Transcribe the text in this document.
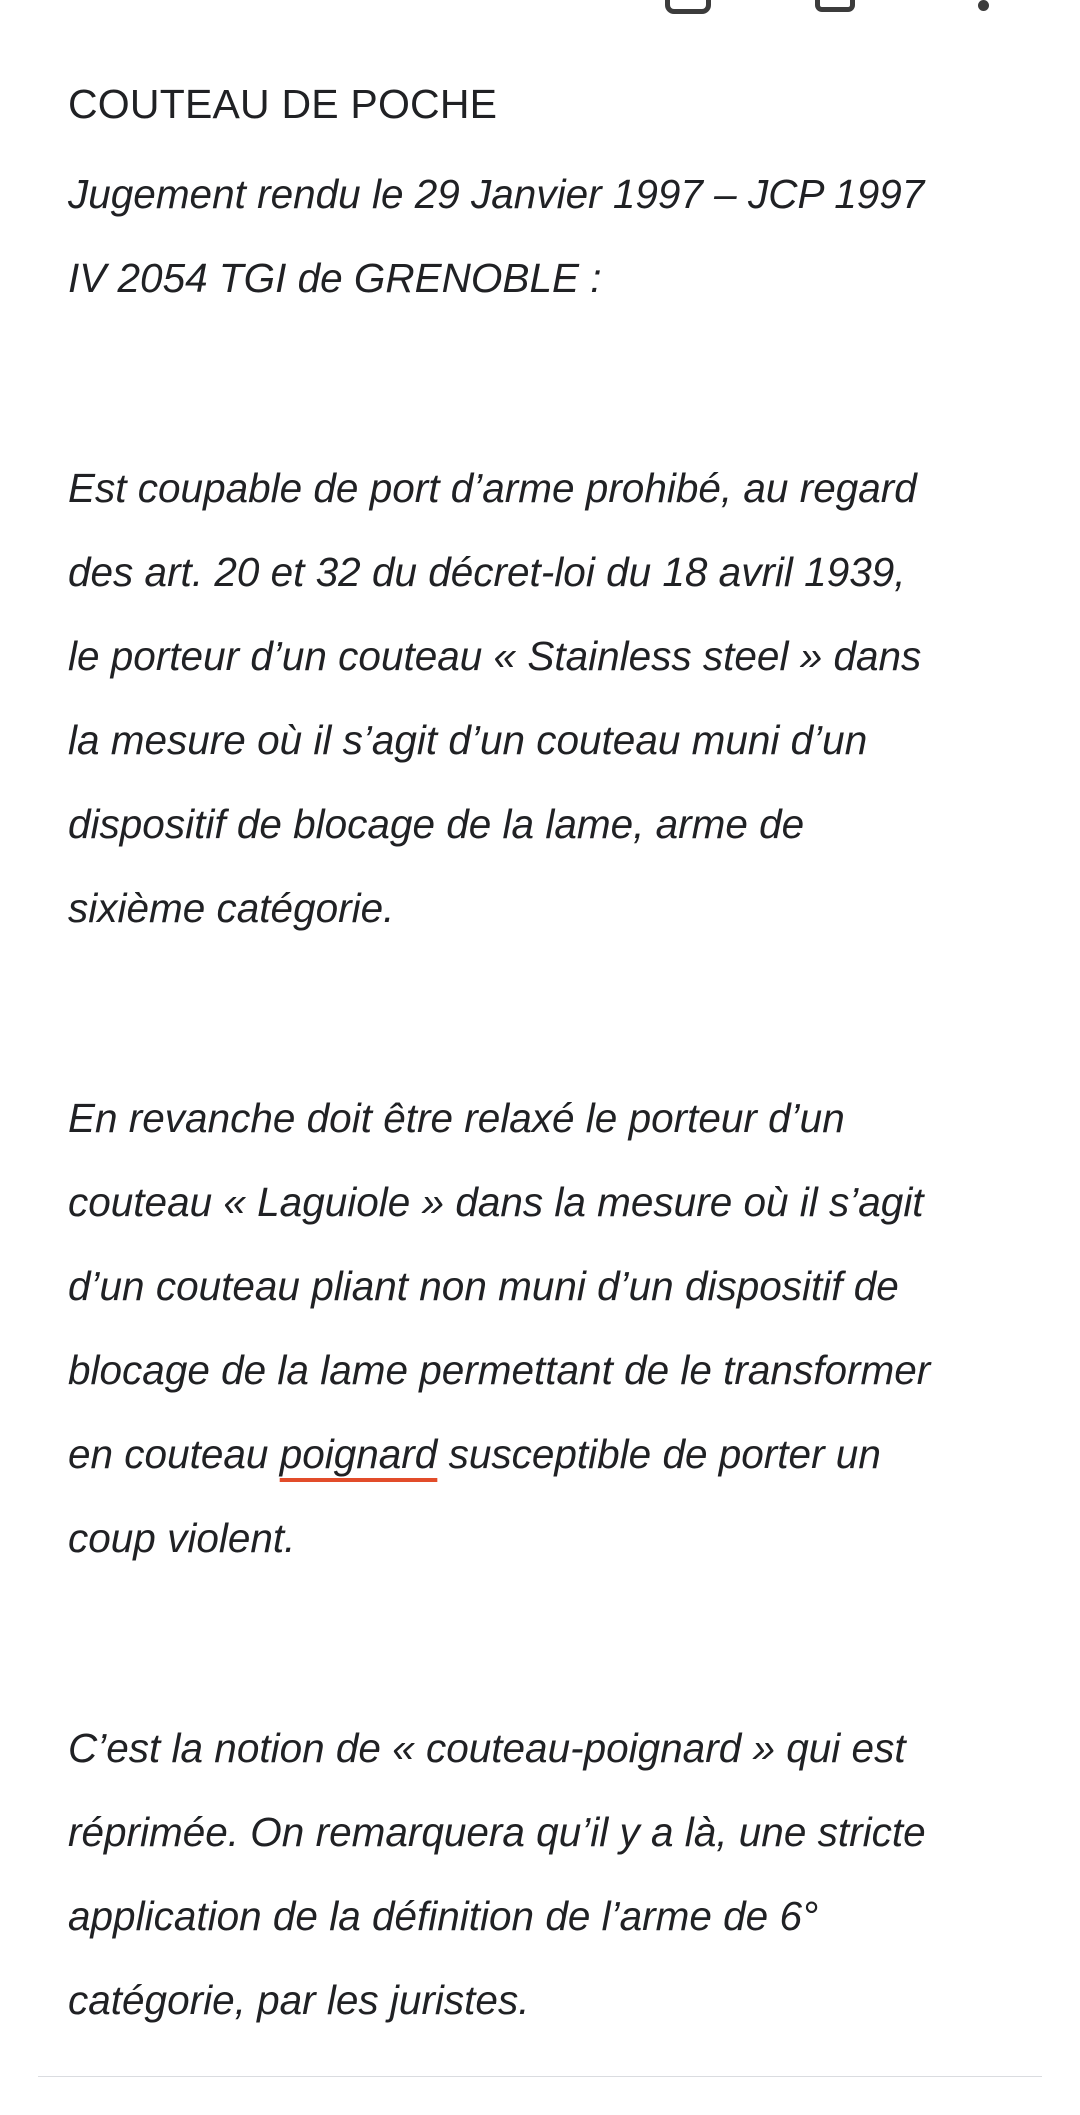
COUTEAU DE POCHE

Jugement rendu le 29 Janvier 1997 – JCP 1997
IV 2054 TGI de GRENOBLE :

Est coupable de port d’arme prohibé, au regard
des art. 20 et 32 du décret-loi du 18 avril 1939,
le porteur d’un couteau « Stainless steel » dans
la mesure où il s’agit d’un couteau muni d’un
dispositif de blocage de la lame, arme de
sixième catégorie.

En revanche doit être relaxé le porteur d’un
couteau « Laguiole » dans la mesure où il s’agit
d’un couteau pliant non muni d’un dispositif de
blocage de la lame permettant de le transformer
en couteau poignard susceptible de porter un
coup violent.

C’est la notion de « couteau-poignard » qui est
réprimée. On remarquera qu’il y a là, une stricte
application de la définition de l’arme de 6°
catégorie, par les juristes.
